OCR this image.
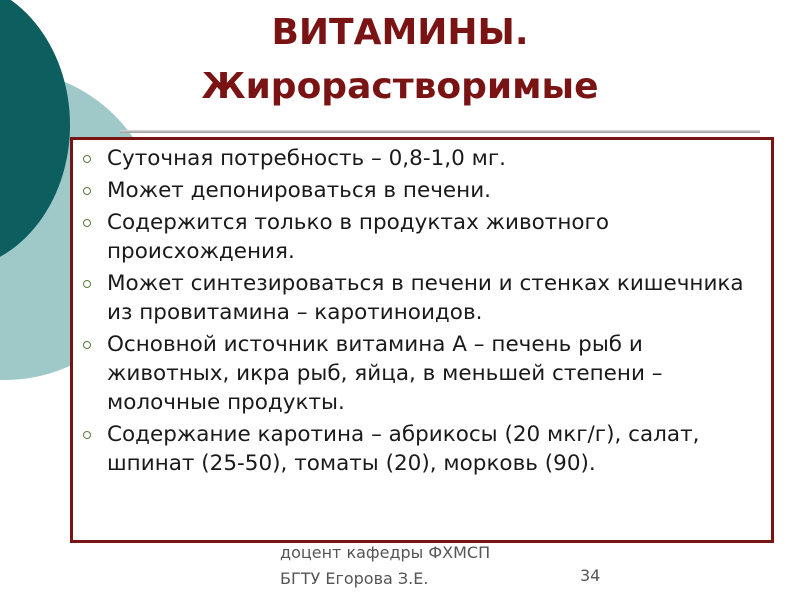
ВИТАМИНЫ.
Жирорастворимые
Суточная потребность – 0,8-1,0 мг.
Может депонироваться в печени.
Содержится только в продуктах животного происхождения.
Может синтезироваться в печени и стенках кишечника из провитамина – каротиноидов.
Основной источник витамина А – печень рыб и животных, икра рыб, яйца, в меньшей степени – молочные продукты.
Содержание каротина – абрикосы (20 мкг/г), салат, шпинат (25-50), томаты (20), морковь (90).
доцент кафедры ФХМСП
БГТУ Егорова З.Е.	34
